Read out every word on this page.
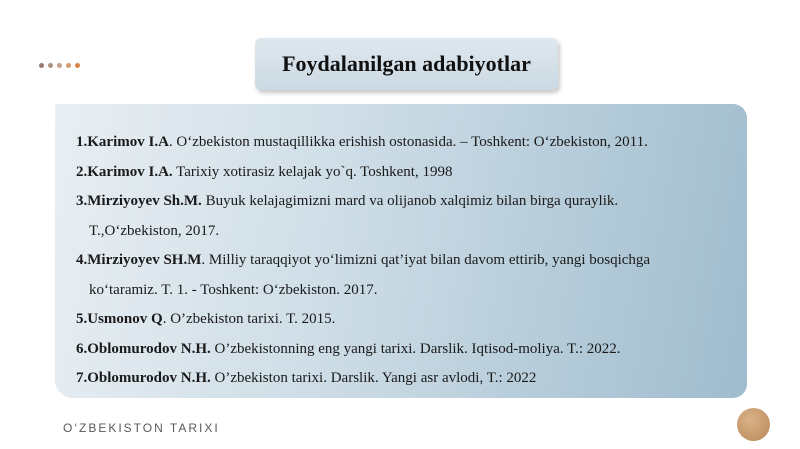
Foydalanilgan adabiyotlar

1.Karimov I.A. O‘zbekiston mustaqillikka erishish ostonasida. – Toshkent: O‘zbekiston, 2011.

2.Karimov I.A. Tarixiy xotirasiz kelajak yo`q. Toshkent, 1998

3.Mirziyoyev Sh.M. Buyuk kelajagimizni mard va olijanob xalqimiz bilan birga quraylik.
T.,O‘zbekiston, 2017.

4.Mirziyoyev SH.M. Milliy taraqqiyot yo‘limizni qat’iyat bilan davom ettirib, yangi bosqichga
ko‘taramiz. T. 1. - Toshkent: O‘zbekiston. 2017.

5.Usmonov Q. O’zbekiston tarixi. T. 2015.

6.Oblomurodov N.H. O’zbekistonning eng yangi tarixi. Darslik. Iqtisod-moliya. T.: 2022.

7.Oblomurodov N.H. O’zbekiston tarixi. Darslik. Yangi asr avlodi, T.: 2022

O‘ZBEKISTON TARIXI
